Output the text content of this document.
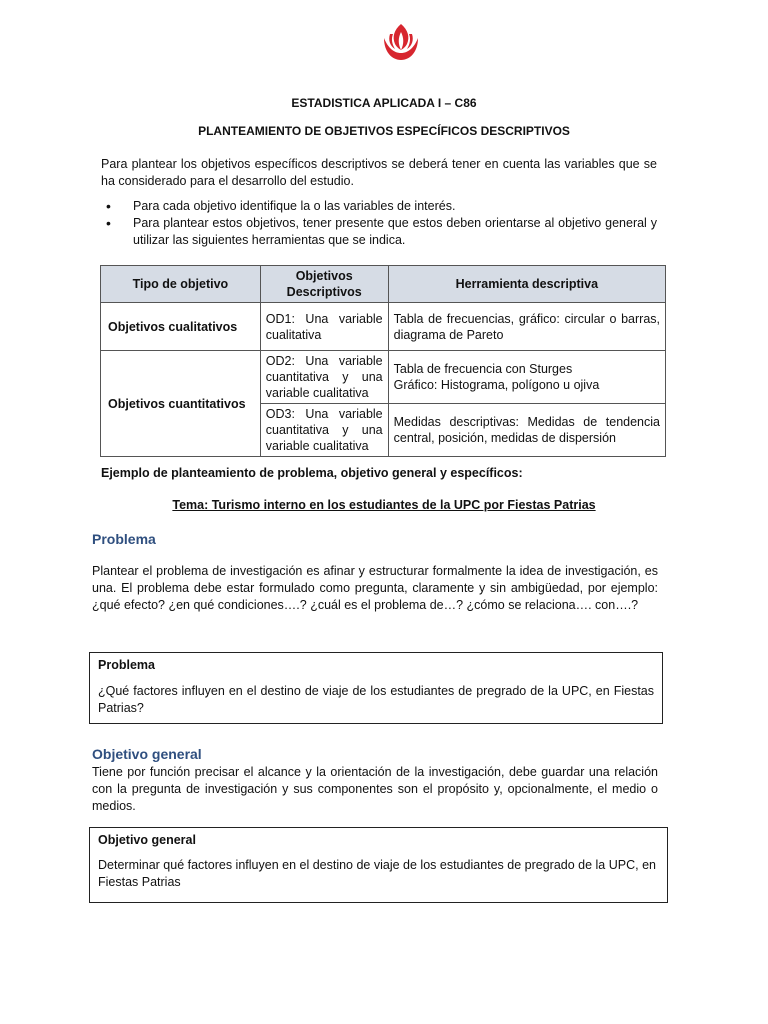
ESTADISTICA APLICADA I – C86
PLANTEAMIENTO DE OBJETIVOS ESPECÍFICOS DESCRIPTIVOS
Para plantear los objetivos específicos descriptivos se deberá tener en cuenta las variables que se ha considerado para el desarrollo del estudio.
• Para cada objetivo identifique la o las variables de interés.
• Para plantear estos objetivos, tener presente que estos deben orientarse al objetivo general y utilizar las siguientes herramientas que se indica.
Tipo de objetivo	Objetivos Descriptivos	Herramienta descriptiva
Objetivos cualitativos	OD1: Una variable cualitativa	Tabla de frecuencias, gráfico: circular o barras, diagrama de Pareto
Objetivos cuantitativos	OD2: Una variable cuantitativa y una variable cualitativa	Tabla de frecuencia con Sturges
Gráfico: Histograma, polígono u ojiva
	OD3: Una variable cuantitativa y una variable cualitativa	Medidas descriptivas: Medidas de tendencia central, posición, medidas de dispersión
Ejemplo de planteamiento de problema, objetivo general y específicos:
Tema: Turismo interno en los estudiantes de la UPC por Fiestas Patrias
Problema
Plantear el problema de investigación es afinar y estructurar formalmente la idea de investigación, es una. El problema debe estar formulado como pregunta, claramente y sin ambigüedad, por ejemplo: ¿qué efecto? ¿en qué condiciones….? ¿cuál es el problema de…? ¿cómo se relaciona…. con….?
Problema
¿Qué factores influyen en el destino de viaje de los estudiantes de pregrado de la UPC, en Fiestas Patrias?
Objetivo general
Tiene por función precisar el alcance y la orientación de la investigación, debe guardar una relación con la pregunta de investigación y sus componentes son el propósito y, opcionalmente, el medio o medios.
Objetivo general
Determinar qué factores influyen en el destino de viaje de los estudiantes de pregrado de la UPC, en Fiestas Patrias
